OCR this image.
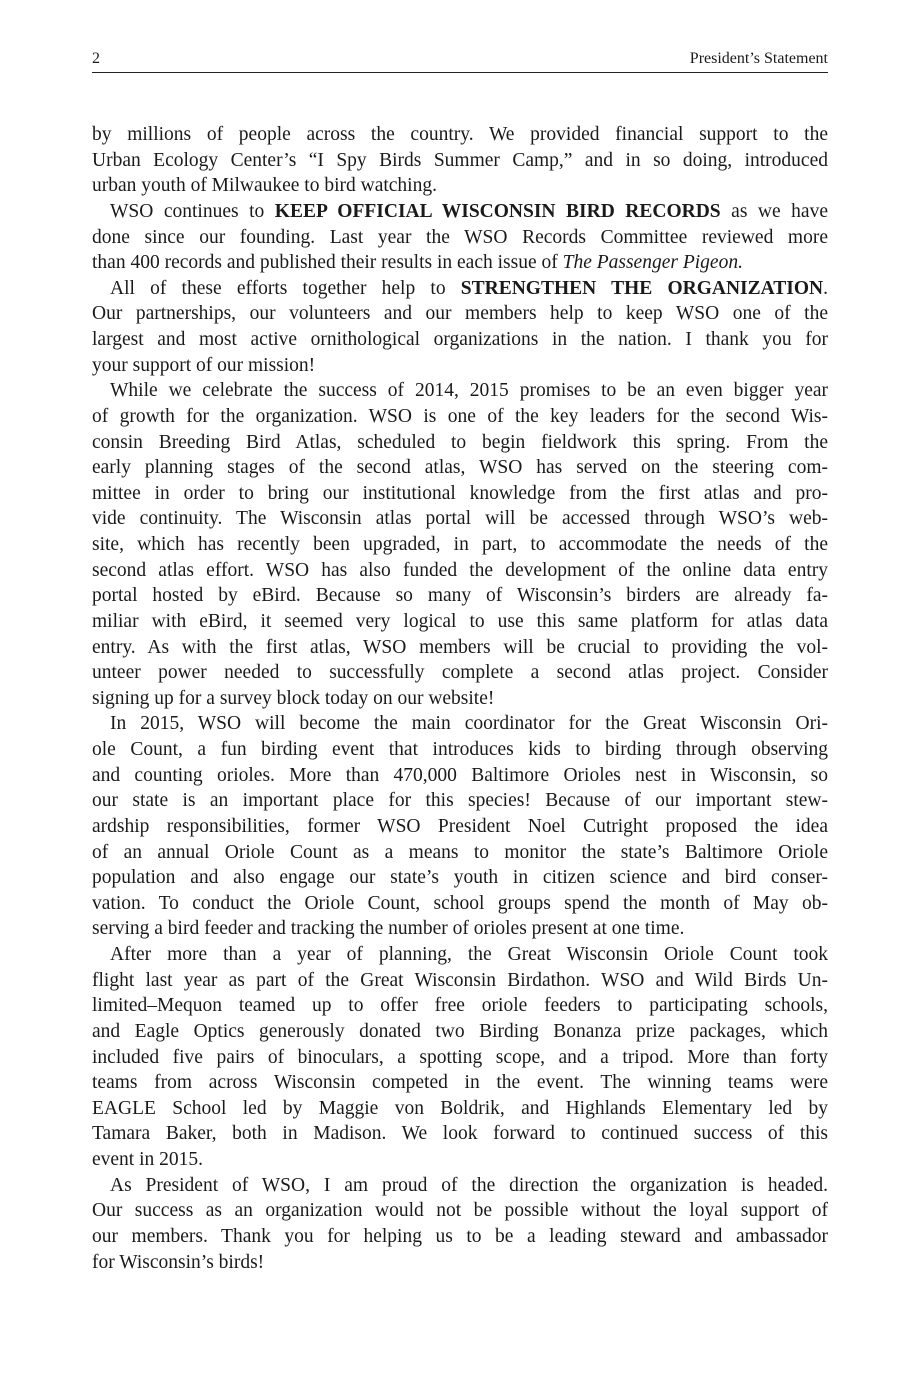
2	President’s Statement
by millions of people across the country. We provided financial support to the
Urban Ecology Center’s “I Spy Birds Summer Camp,” and in so doing, introduced
urban youth of Milwaukee to bird watching.
WSO continues to KEEP OFFICIAL WISCONSIN BIRD RECORDS as we have
done since our founding. Last year the WSO Records Committee reviewed more
than 400 records and published their results in each issue of The Passenger Pigeon.
All of these efforts together help to STRENGTHEN THE ORGANIZATION.
Our partnerships, our volunteers and our members help to keep WSO one of the
largest and most active ornithological organizations in the nation. I thank you for
your support of our mission!
While we celebrate the success of 2014, 2015 promises to be an even bigger year
of growth for the organization. WSO is one of the key leaders for the second Wis-
consin Breeding Bird Atlas, scheduled to begin fieldwork this spring. From the
early planning stages of the second atlas, WSO has served on the steering com-
mittee in order to bring our institutional knowledge from the first atlas and pro-
vide continuity. The Wisconsin atlas portal will be accessed through WSO’s web-
site, which has recently been upgraded, in part, to accommodate the needs of the
second atlas effort. WSO has also funded the development of the online data entry
portal hosted by eBird. Because so many of Wisconsin’s birders are already fa-
miliar with eBird, it seemed very logical to use this same platform for atlas data
entry. As with the first atlas, WSO members will be crucial to providing the vol-
unteer power needed to successfully complete a second atlas project. Consider
signing up for a survey block today on our website!
In 2015, WSO will become the main coordinator for the Great Wisconsin Ori-
ole Count, a fun birding event that introduces kids to birding through observing
and counting orioles. More than 470,000 Baltimore Orioles nest in Wisconsin, so
our state is an important place for this species! Because of our important stew-
ardship responsibilities, former WSO President Noel Cutright proposed the idea
of an annual Oriole Count as a means to monitor the state’s Baltimore Oriole
population and also engage our state’s youth in citizen science and bird conser-
vation. To conduct the Oriole Count, school groups spend the month of May ob-
serving a bird feeder and tracking the number of orioles present at one time.
After more than a year of planning, the Great Wisconsin Oriole Count took
flight last year as part of the Great Wisconsin Birdathon. WSO and Wild Birds Un-
limited–Mequon teamed up to offer free oriole feeders to participating schools,
and Eagle Optics generously donated two Birding Bonanza prize packages, which
included five pairs of binoculars, a spotting scope, and a tripod. More than forty
teams from across Wisconsin competed in the event. The winning teams were
EAGLE School led by Maggie von Boldrik, and Highlands Elementary led by
Tamara Baker, both in Madison. We look forward to continued success of this
event in 2015.
As President of WSO, I am proud of the direction the organization is headed.
Our success as an organization would not be possible without the loyal support of
our members. Thank you for helping us to be a leading steward and ambassador
for Wisconsin’s birds!
